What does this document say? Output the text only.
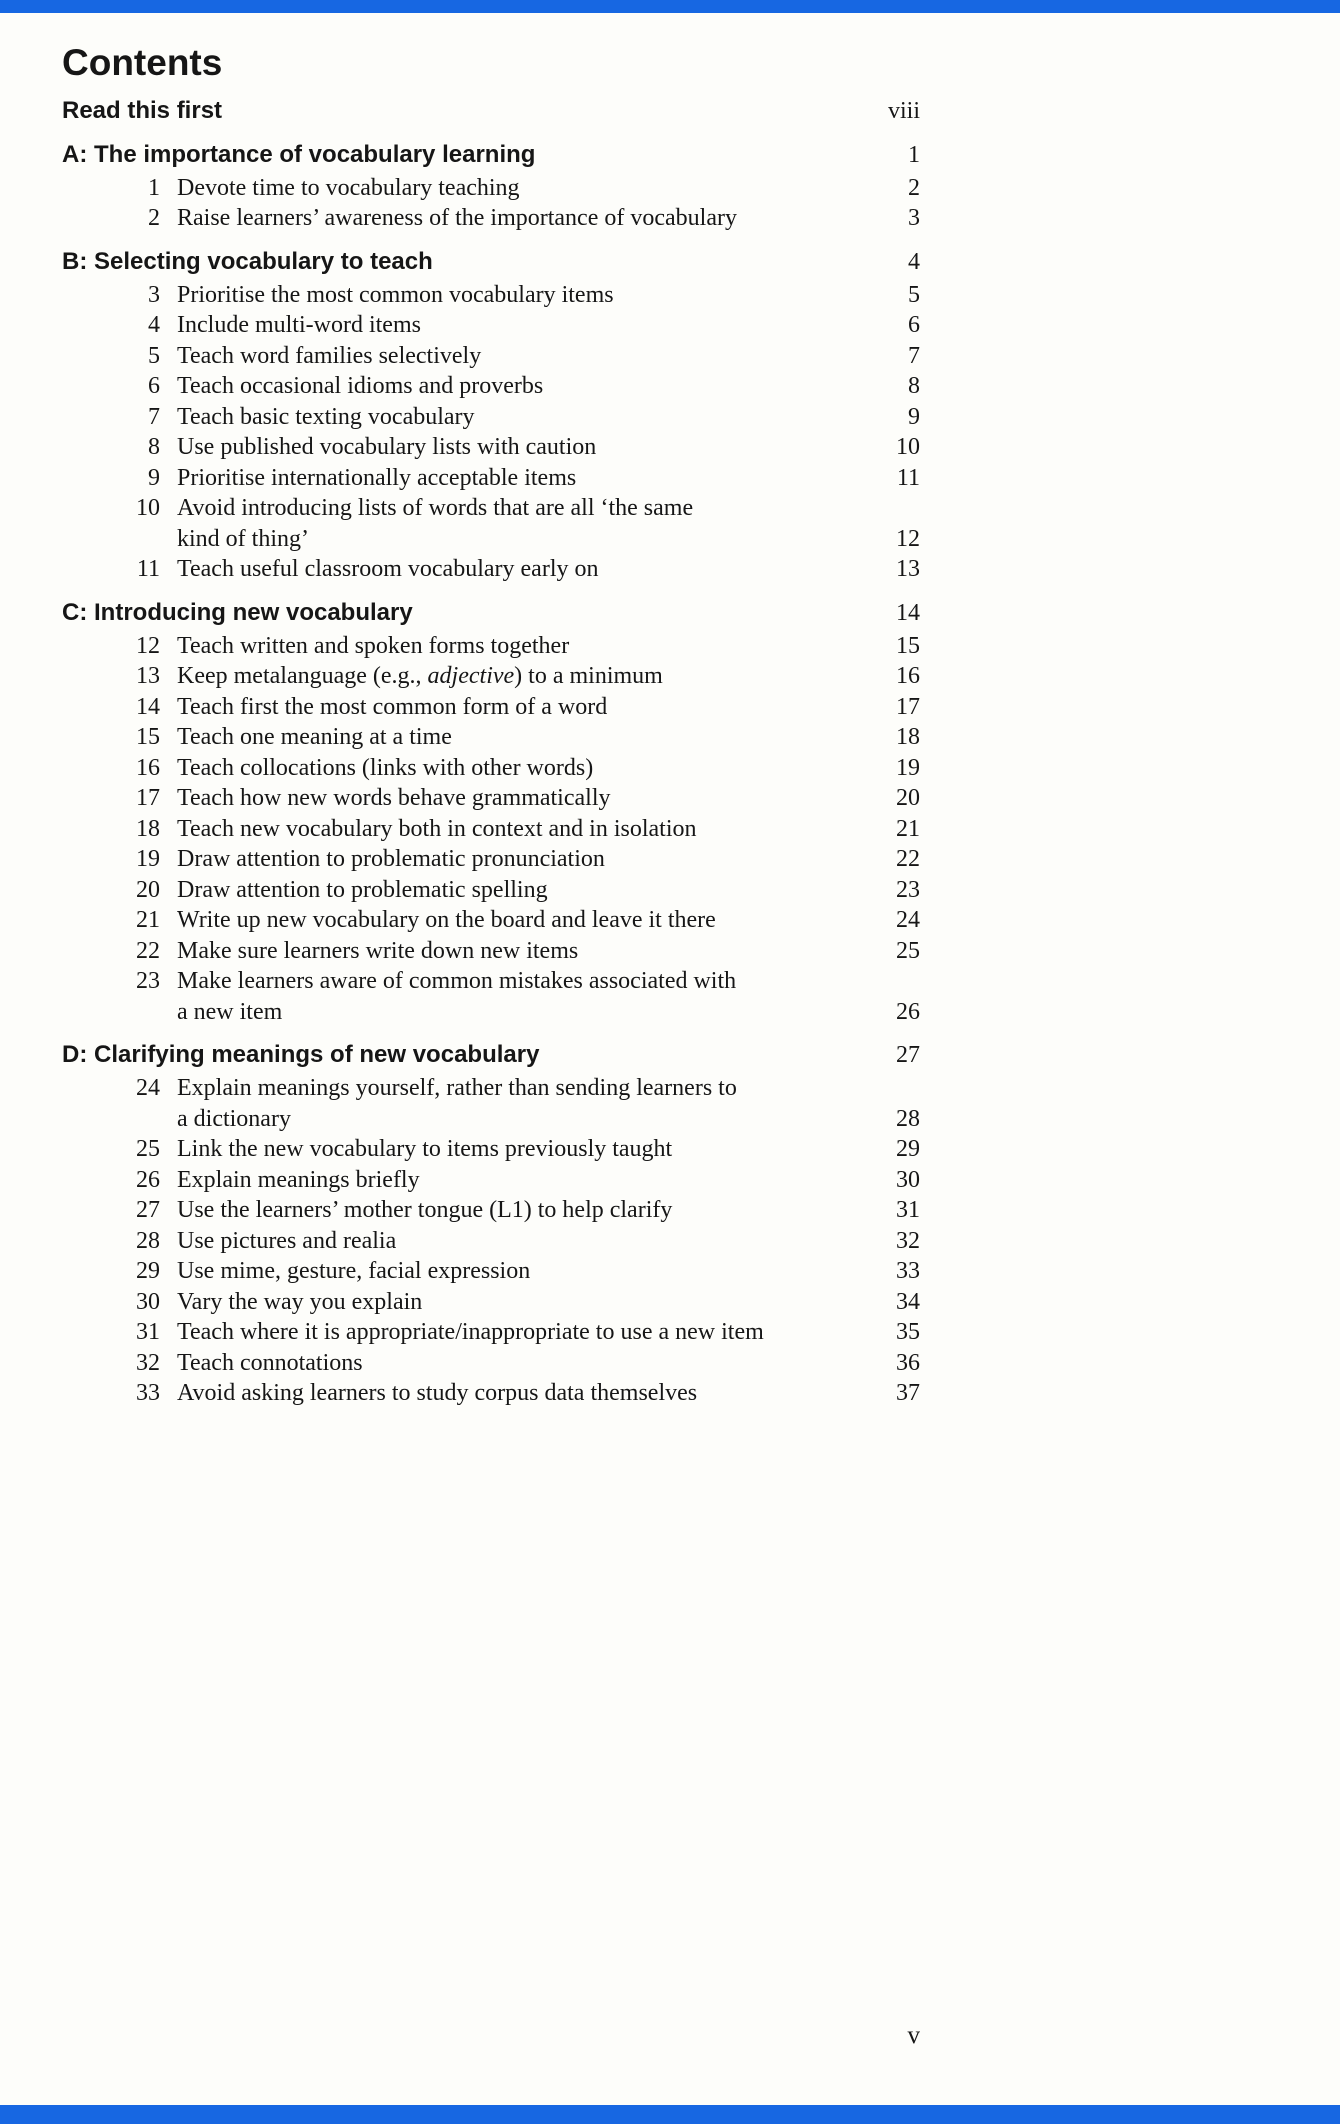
Contents
Read this first	viii
A: The importance of vocabulary learning	1
1 Devote time to vocabulary teaching	2
2 Raise learners’ awareness of the importance of vocabulary	3
B: Selecting vocabulary to teach	4
3 Prioritise the most common vocabulary items	5
4 Include multi-word items	6
5 Teach word families selectively	7
6 Teach occasional idioms and proverbs	8
7 Teach basic texting vocabulary	9
8 Use published vocabulary lists with caution	10
9 Prioritise internationally acceptable items	11
10 Avoid introducing lists of words that are all ‘the same
kind of thing’	12
11 Teach useful classroom vocabulary early on	13
C: Introducing new vocabulary	14
12 Teach written and spoken forms together	15
13 Keep metalanguage (e.g., adjective) to a minimum	16
14 Teach first the most common form of a word	17
15 Teach one meaning at a time	18
16 Teach collocations (links with other words)	19
17 Teach how new words behave grammatically	20
18 Teach new vocabulary both in context and in isolation	21
19 Draw attention to problematic pronunciation	22
20 Draw attention to problematic spelling	23
21 Write up new vocabulary on the board and leave it there	24
22 Make sure learners write down new items	25
23 Make learners aware of common mistakes associated with
a new item	26
D: Clarifying meanings of new vocabulary	27
24 Explain meanings yourself, rather than sending learners to
a dictionary	28
25 Link the new vocabulary to items previously taught	29
26 Explain meanings briefly	30
27 Use the learners’ mother tongue (L1) to help clarify	31
28 Use pictures and realia	32
29 Use mime, gesture, facial expression	33
30 Vary the way you explain	34
31 Teach where it is appropriate/inappropriate to use a new item	35
32 Teach connotations	36
33 Avoid asking learners to study corpus data themselves	37
v
